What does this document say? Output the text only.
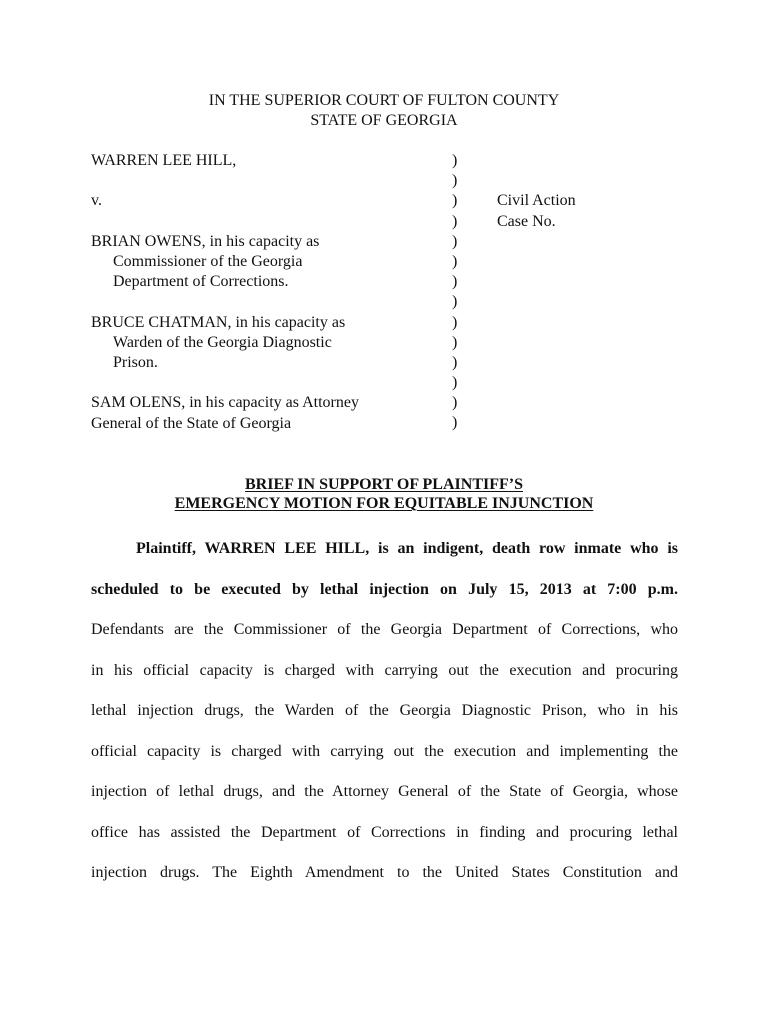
IN THE SUPERIOR COURT OF FULTON COUNTY
STATE OF GEORGIA
WARREN LEE HILL,
v.
BRIAN OWENS, in his capacity as
Commissioner of the Georgia
Department of Corrections.
BRUCE CHATMAN, in his capacity as
Warden of the Georgia Diagnostic
Prison.
SAM OLENS, in his capacity as Attorney
General of the State of Georgia
)
)
)
)
)
)
)
)
)
)
)
)
)
)
Civil Action
Case No.
BRIEF IN SUPPORT OF PLAINTIFF’S
EMERGENCY MOTION FOR EQUITABLE INJUNCTION
Plaintiff, WARREN LEE HILL, is an indigent, death row inmate who is
scheduled to be executed by lethal injection on July 15, 2013 at 7:00 p.m.
Defendants are the Commissioner of the Georgia Department of Corrections, who
in his official capacity is charged with carrying out the execution and procuring
lethal injection drugs, the Warden of the Georgia Diagnostic Prison, who in his
official capacity is charged with carrying out the execution and implementing the
injection of lethal drugs, and the Attorney General of the State of Georgia, whose
office has assisted the Department of Corrections in finding and procuring lethal
injection drugs. The Eighth Amendment to the United States Constitution and
